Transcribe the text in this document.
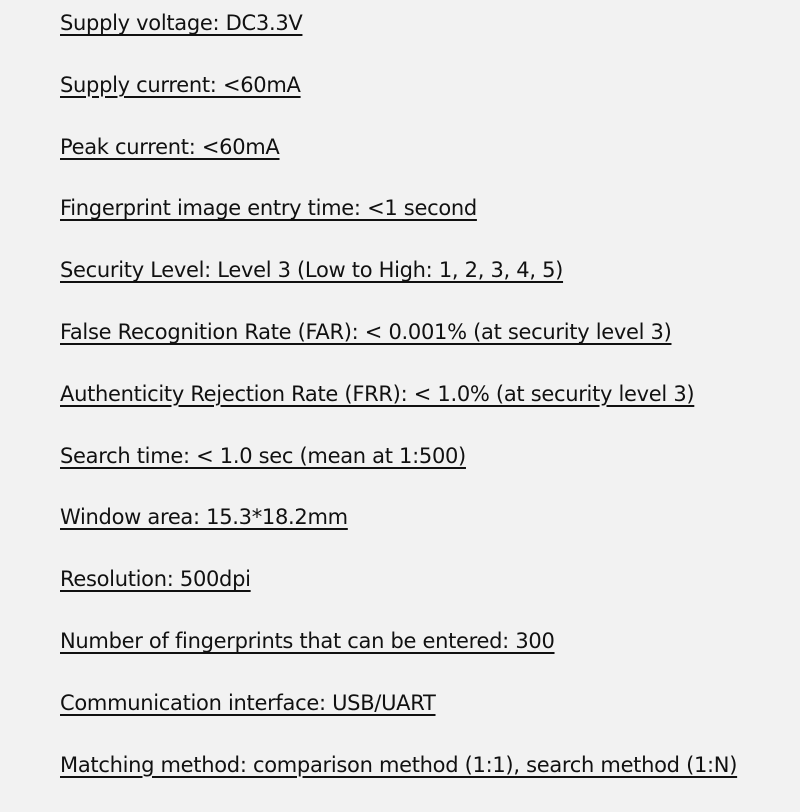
Supply voltage: DC3.3V
Supply current: <60mA
Peak current: <60mA
Fingerprint image entry time: <1 second
Security Level: Level 3 (Low to High: 1, 2, 3, 4, 5)
False Recognition Rate (FAR): < 0.001% (at security level 3)
Authenticity Rejection Rate (FRR): < 1.0% (at security level 3)
Search time: < 1.0 sec (mean at 1:500)
Window area: 15.3*18.2mm
Resolution: 500dpi
Number of fingerprints that can be entered: 300
Communication interface: USB/UART
Matching method: comparison method (1:1), search method (1:N)
